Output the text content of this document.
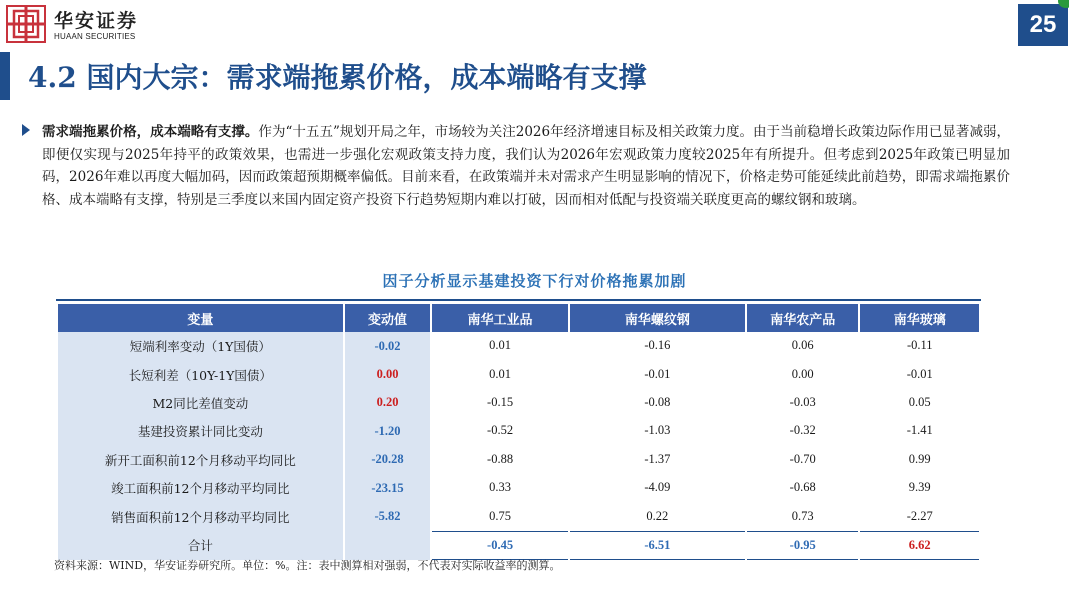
华安证券
HUAAN SECURITIES	25
4.2 国内大宗：需求端拖累价格，成本端略有支撑
需求端拖累价格，成本端略有支撑。作为“十五五”规划开局之年，市场较为关注2026年经济增速目标及相关政策力度。由于当前稳增长政策边际作用已显著减弱，即便仅实现与2025年持平的政策效果，也需进一步强化宏观政策支持力度，我们认为2026年宏观政策力度较2025年有所提升。但考虑到2025年政策已明显加码，2026年难以再度大幅加码，因而政策超预期概率偏低。目前来看，在政策端并未对需求产生明显影响的情况下，价格走势可能延续此前趋势，即需求端拖累价格、成本端略有支撑，特别是三季度以来国内固定资产投资下行趋势短期内难以打破，因而相对低配与投资端关联度更高的螺纹钢和玻璃。
因子分析显示基建投资下行对价格拖累加剧
变量	变动值	南华工业品	南华螺纹钢	南华农产品	南华玻璃
短端利率变动（1Y国债）	-0.02	0.01	-0.16	0.06	-0.11
长短利差（10Y-1Y国债）	0.00	0.01	-0.01	0.00	-0.01
M2同比差值变动	0.20	-0.15	-0.08	-0.03	0.05
基建投资累计同比变动	-1.20	-0.52	-1.03	-0.32	-1.41
新开工面积前12个月移动平均同比	-20.28	-0.88	-1.37	-0.70	0.99
竣工面积前12个月移动平均同比	-23.15	0.33	-4.09	-0.68	9.39
销售面积前12个月移动平均同比	-5.82	0.75	0.22	0.73	-2.27
合计		-0.45	-6.51	-0.95	6.62
资料来源：WIND，华安证券研究所。单位：%。注：表中测算相对强弱，不代表对实际收益率的测算。
